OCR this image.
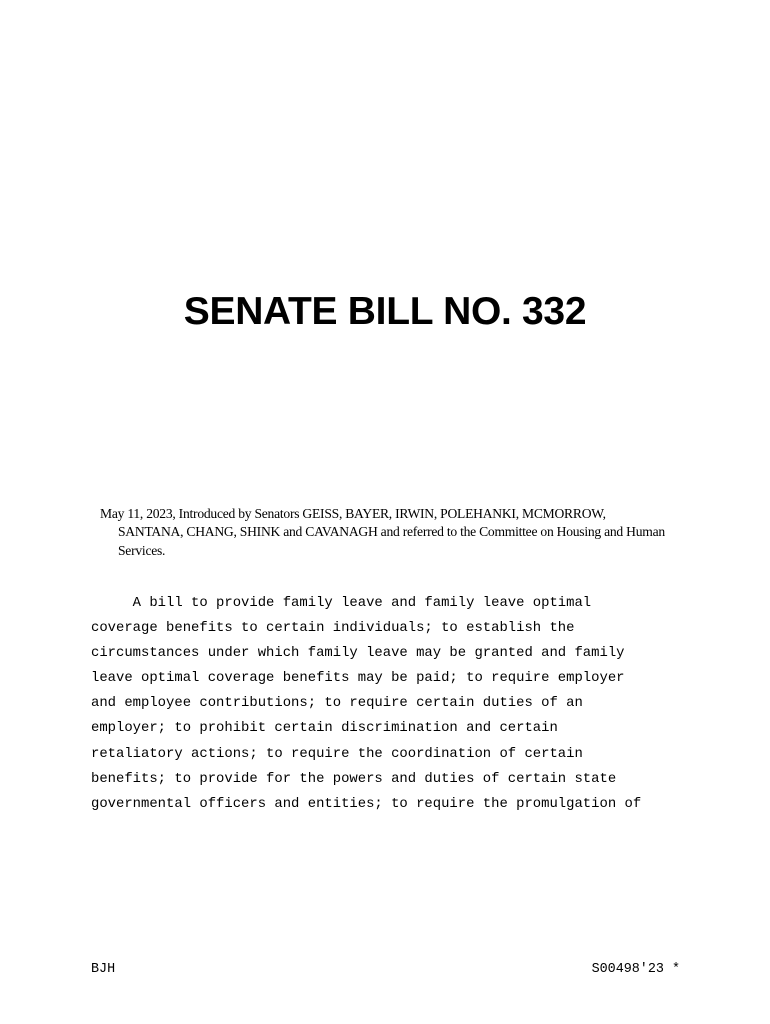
SENATE BILL NO. 332

May 11, 2023, Introduced by Senators GEISS, BAYER, IRWIN, POLEHANKI, MCMORROW, SANTANA, CHANG, SHINK and CAVANAGH and referred to the Committee on Housing and Human Services.

A bill to provide family leave and family leave optimal
coverage benefits to certain individuals; to establish the
circumstances under which family leave may be granted and family
leave optimal coverage benefits may be paid; to require employer
and employee contributions; to require certain duties of an
employer; to prohibit certain discrimination and certain
retaliatory actions; to require the coordination of certain
benefits; to provide for the powers and duties of certain state
governmental officers and entities; to require the promulgation of
BJH	S00498'23 *
